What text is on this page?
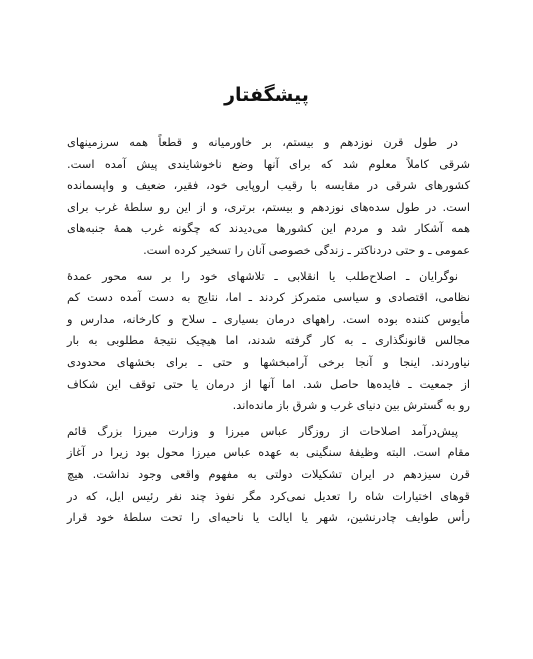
پیشگفتار
در طول قرن نوزدهم و بیستم، بر خاورمیانه و قطعاً همه سرزمینهای
شرقی کاملاً معلوم شد که برای آنها وضع ناخوشایندی پیش آمده است.
کشورهای شرقی در مقایسه با رقیب اروپایی خود، فقیر، ضعیف و واپسمانده
است. در طول سده‌های نوزدهم و بیستم، برتری، و از این رو سلطهٔ غرب برای
همه آشکار شد و مردم این کشورها می‌دیدند که چگونه غرب همهٔ جنبه‌های
عمومی ـ و حتی دردناکتر ـ زندگی خصوصی آنان را تسخیر کرده است.
نوگرایان ـ اصلاح‌طلب یا انقلابی ـ تلاشهای خود را بر سه محور عمدهٔ
نظامی، اقتصادی و سیاسی متمرکز کردند ـ اما، نتایج به دست آمده دست کم
مأیوس کننده بوده است. راههای درمان بسیاری ـ سلاح و کارخانه، مدارس و
مجالس قانونگذاری ـ به کار گرفته شدند، اما هیچیک نتیجهٔ مطلوبی به بار
نیاوردند. اینجا و آنجا برخی آرامبخشها و حتی ـ برای بخشهای محدودی
از جمعیت ـ فایده‌ها حاصل شد. اما آنها از درمان یا حتی توقف این شکاف
رو به گسترش بین دنیای غرب و شرق باز مانده‌اند.
پیش‌درآمد اصلاحات از روزگار عباس میرزا و وزارت میرزا بزرگ قائم
مقام است. البته وظیفهٔ سنگینی به عهده عباس میرزا محول بود زیرا در آغاز
قرن سیزدهم در ایران تشکیلات دولتی به مفهوم واقعی وجود نداشت. هیچ
قوهای اختیارات شاه را تعدیل نمی‌کرد مگر نفوذ چند نفر رئیس ایل، که در
رأس طوایف چادرنشین، شهر یا ایالت یا ناحیه‌ای را تحت سلطهٔ خود قرار
